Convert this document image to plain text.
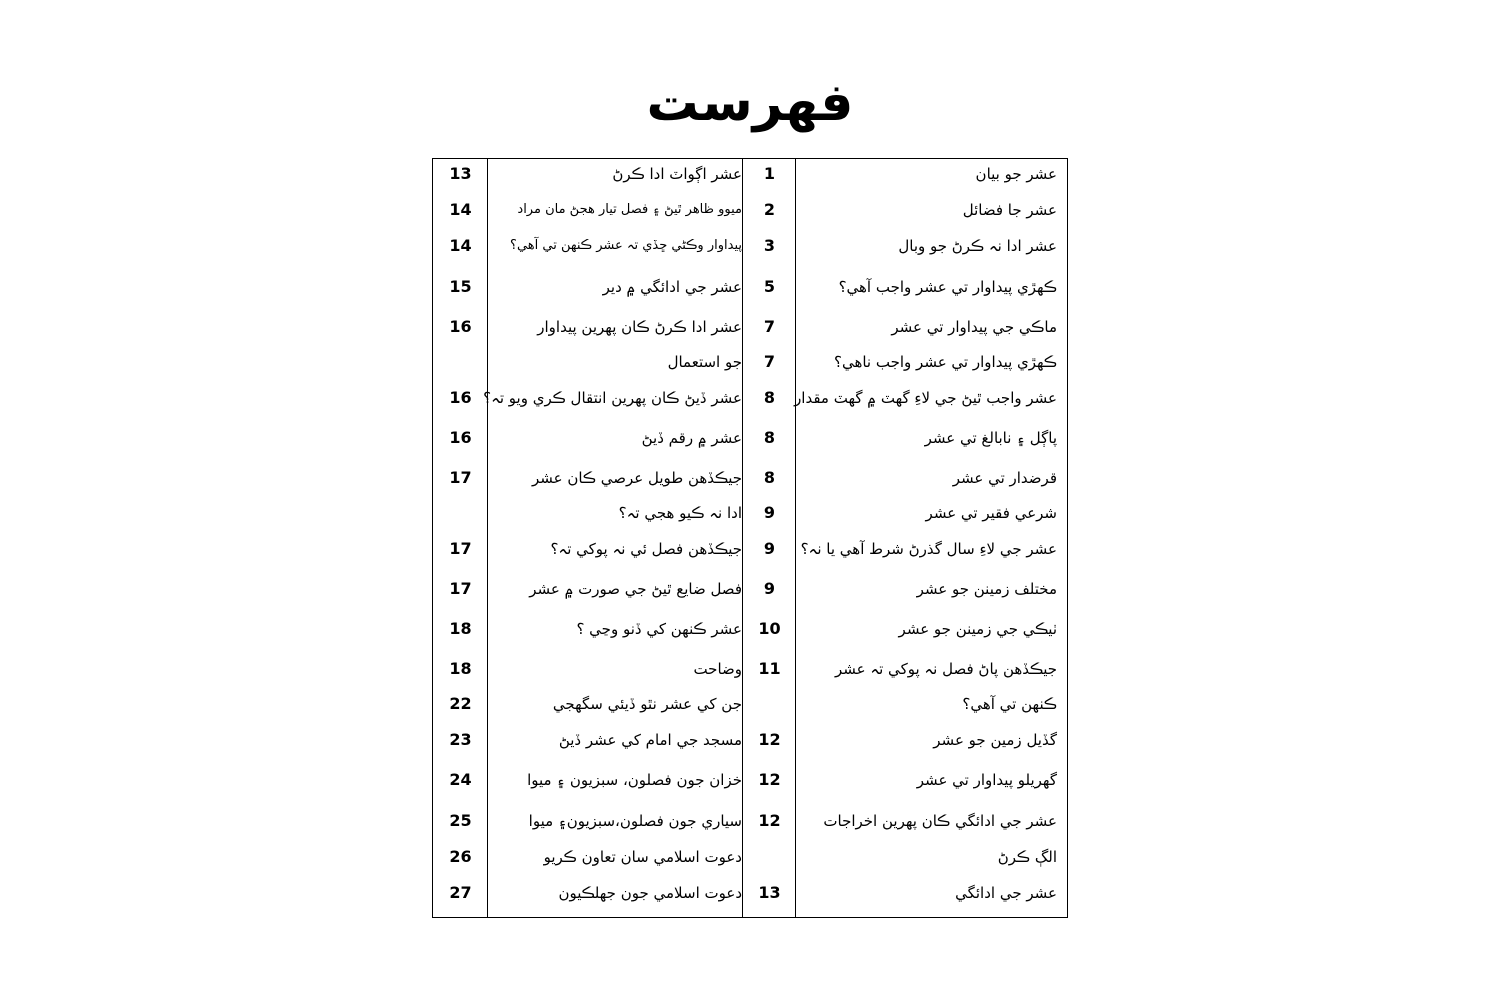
فهرست
عشر جو بيان
1
عشر اڳواٽ ادا ڪرڻ
13
عشر جا فضائل
2
ميوو ظاهر ٿيڻ ۽ فصل تيار هجڻ مان مراد
14
عشر ادا نہ ڪرڻ جو وبال
3
پيداوار وڪڻي ڇڏي تہ عشر ڪنهن تي آهي؟
14
ڪهڙي پيداوار تي عشر واجب آهي؟
5
عشر جي ادائگي ۾ دير
15
ماڪي جي پيداوار تي عشر
7
عشر ادا ڪرڻ ڪان پهرين پيداوار
16
ڪهڙي پيداوار تي عشر واجب ناهي؟
7
جو استعمال
عشر واجب ٿيڻ جي لاءِ گهٽ ۾ گهٽ مقدار
8
عشر ڏيڻ ڪان پهرين انتقال ڪري ويو تہ؟
16
پاڳل ۽ نابالغ تي عشر
8
عشر ۾ رقم ڏيڻ
16
قرضدار تي عشر
8
جيڪڏهن طويل عرصي ڪان عشر
17
شرعي فقير تي عشر
9
ادا نہ ڪيو هجي تہ؟
عشر جي لاءِ سال گذرڻ شرط آهي يا نہ؟
9
جيڪڏهن فصل ئي نہ پوکي تہ؟
17
مختلف زمينن جو عشر
9
فصل ضايع ٿيڻ جي صورت ۾ عشر
17
ٺيڪي جي زمينن جو عشر
10
عشر ڪنهن کي ڏنو وڃي ؟
18
جيڪڏهن پاڻ فصل نہ پوکي تہ عشر
11
وضاحت
18
ڪنهن تي آهي؟
جن کي عشر نٿو ڏيئي سگهجي
22
گڏيل زمين جو عشر
12
مسجد جي امام کي عشر ڏيڻ
23
گهريلو پيداوار تي عشر
12
خزان جون فصلون، سبزيون ۽ ميوا
24
عشر جي ادائگي ڪان پهرين اخراجات
12
سياري جون فصلون،سبزيون۽ ميوا
25
الڳ ڪرڻ
دعوت اسلامي سان تعاون ڪريو
26
عشر جي ادائگي
13
دعوت اسلامي جون جهلڪيون
27
